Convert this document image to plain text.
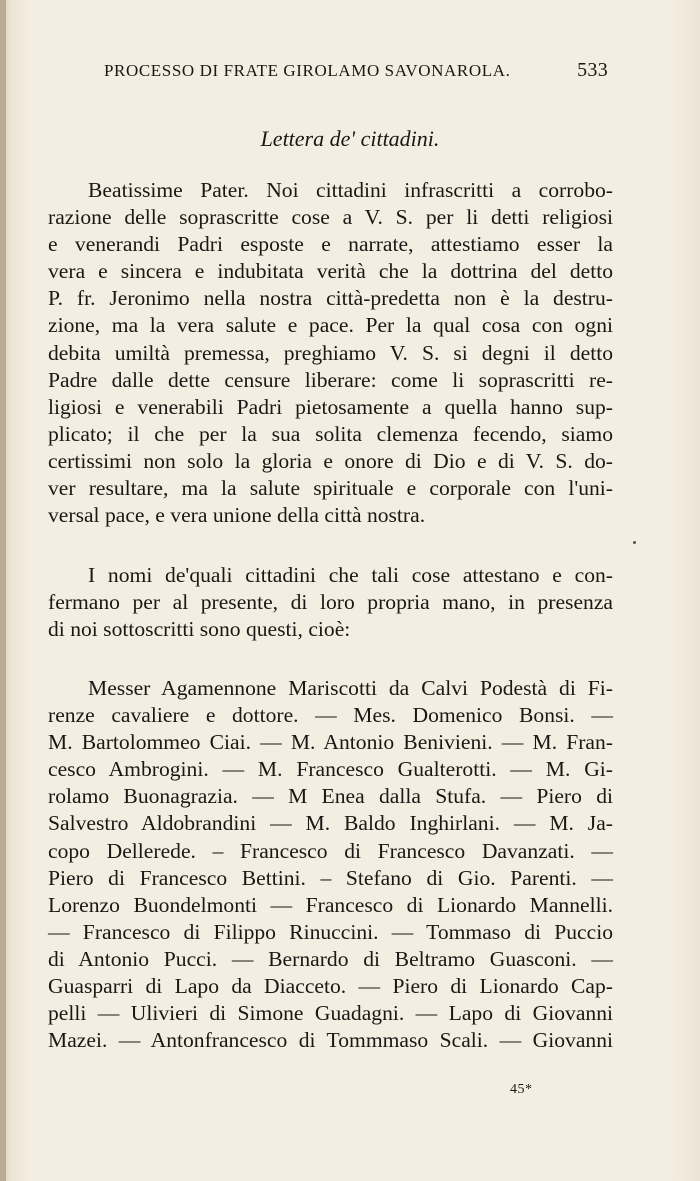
PROCESSO DI FRATE GIROLAMO SAVONAROLA.	533
Lettera de' cittadini.
Beatissime Pater. Noi cittadini infrascritti a corrobo-
razione delle soprascritte cose a V. S. per li detti religiosi
e venerandi Padri esposte e narrate, attestiamo esser la
vera e sincera e indubitata verità che la dottrina del detto
P. fr. Jeronimo nella nostra città-predetta non è la destru-
zione, ma la vera salute e pace. Per la qual cosa con ogni
debita umiltà premessa, preghiamo V. S. si degni il detto
Padre dalle dette censure liberare: come li soprascritti re-
ligiosi e venerabili Padri pietosamente a quella hanno sup-
plicato; il che per la sua solita clemenza fecendo, siamo
certissimi non solo la gloria e onore di Dio e di V. S. do-
ver resultare, ma la salute spirituale e corporale con l'uni-
versal pace, e vera unione della città nostra.
I nomi de'quali cittadini che tali cose attestano e con-
fermano per al presente, di loro propria mano, in presenza
di noi sottoscritti sono questi, cioè:
Messer Agamennone Mariscotti da Calvi Podestà di Fi-
renze cavaliere e dottore. — Mes. Domenico Bonsi. —
M. Bartolommeo Ciai. — M. Antonio Benivieni. — M. Fran-
cesco Ambrogini. — M. Francesco Gualterotti. — M. Gi-
rolamo Buonagrazia. — M Enea dalla Stufa. — Piero di
Salvestro Aldobrandini — M. Baldo Inghirlani. — M. Ja-
copo Dellerede. – Francesco di Francesco Davanzati. —
Piero di Francesco Bettini. – Stefano di Gio. Parenti. —
Lorenzo Buondelmonti — Francesco di Lionardo Mannelli.
— Francesco di Filippo Rinuccini. — Tommaso di Puccio
di Antonio Pucci. — Bernardo di Beltramo Guasconi. —
Guasparri di Lapo da Diacceto. — Piero di Lionardo Cap-
pelli — Ulivieri di Simone Guadagni. — Lapo di Giovanni
Mazei. — Antonfrancesco di Tommmaso Scali. — Giovanni
45*
